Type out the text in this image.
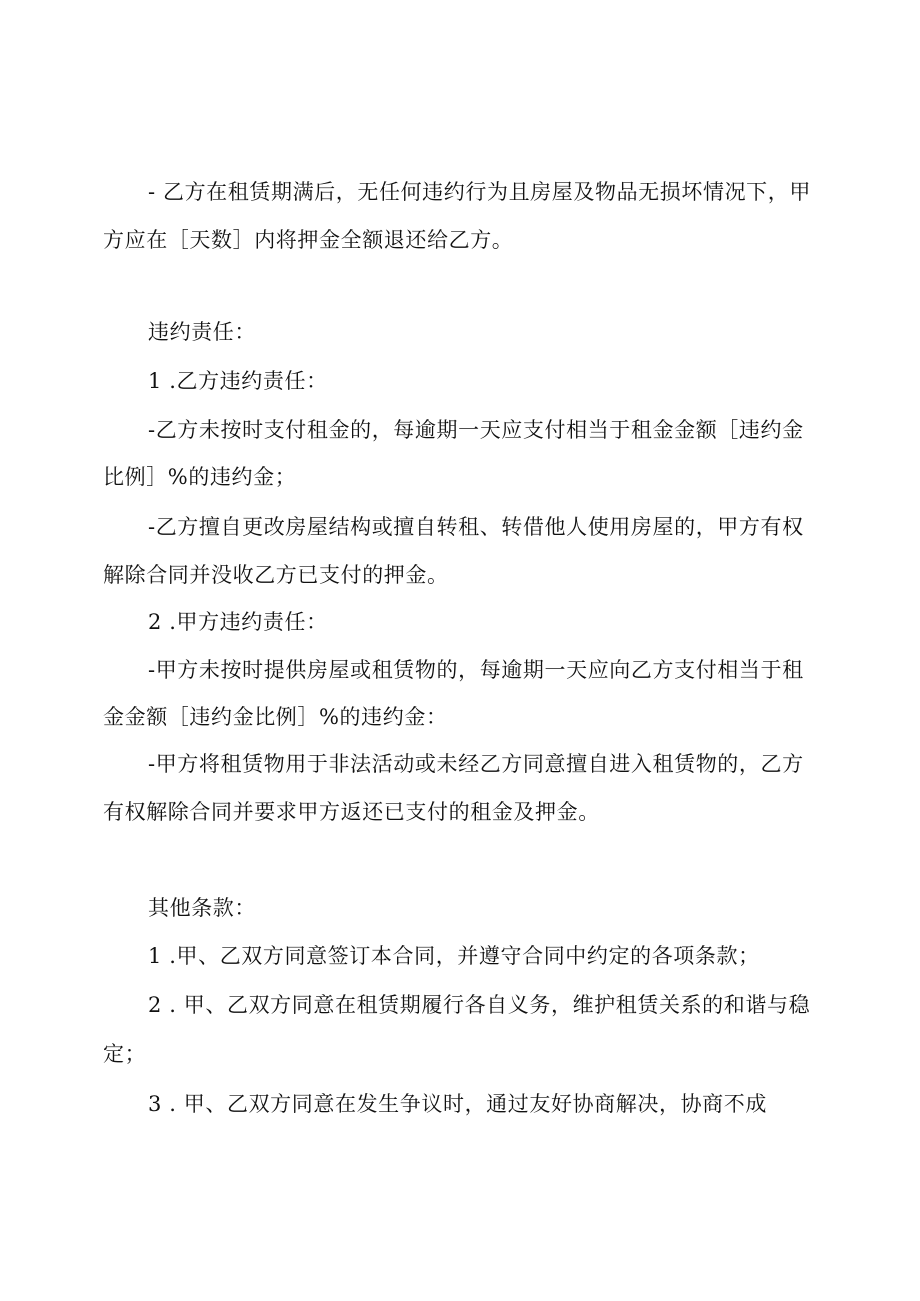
- 乙方在租赁期满后，无任何违约行为且房屋及物品无损坏情况下，甲
方应在［天数］内将押金全额退还给乙方。
违约责任：
1 .乙方违约责任：
-乙方未按时支付租金的，每逾期一天应支付相当于租金金额［违约金
比例］%的违约金；
-乙方擅自更改房屋结构或擅自转租、转借他人使用房屋的，甲方有权
解除合同并没收乙方已支付的押金。
2 .甲方违约责任：
-甲方未按时提供房屋或租赁物的，每逾期一天应向乙方支付相当于租
金金额［违约金比例］%的违约金：
-甲方将租赁物用于非法活动或未经乙方同意擅自进入租赁物的，乙方
有权解除合同并要求甲方返还已支付的租金及押金。
其他条款：
1 .甲、乙双方同意签订本合同，并遵守合同中约定的各项条款；
2 . 甲、乙双方同意在租赁期履行各自义务，维护租赁关系的和谐与稳
定；
3 . 甲、乙双方同意在发生争议时，通过友好协商解决，协商不成
